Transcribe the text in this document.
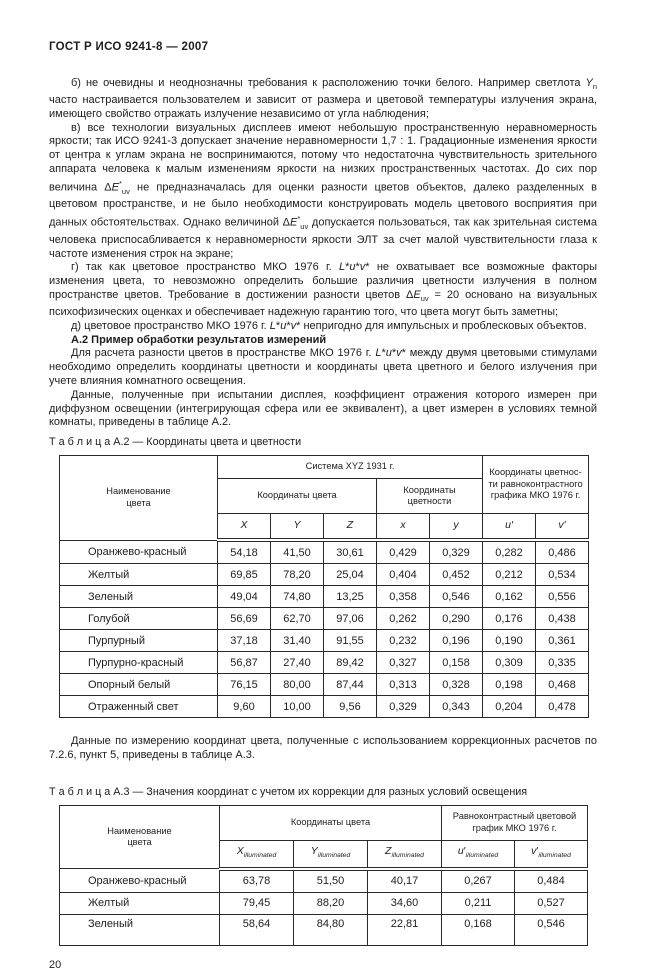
ГОСТ Р ИСО 9241-8 — 2007

б) не очевидны и неоднозначны требования к расположению точки белого. Например светлота $Y_n$ часто настраивается пользователем и зависит от размера и цветовой температуры излучения экрана, имеющего свойство отражать излучение независимо от угла наблюдения;

в) все технологии визуальных дисплеев имеют небольшую пространственную неравномерность яркости; так ИСО 9241-3 допускает значение неравномерности 1,7 : 1. Градационные изменения яркости от центра к углам экрана не воспринимаются, потому что недостаточна чувствительность зрительного аппарата человека к малым изменениям яркости на низких пространственных частотах. До сих пор величина $\Delta E^*_{uv}$ не предназначалась для оценки разности цветов объектов, далеко разделенных в цветовом пространстве, и не было необходимости конструировать модель цветового восприятия при данных обстоятельствах. Однако величиной $\Delta E^*_{uv}$ допускается пользоваться, так как зрительная система человека приспосабливается к неравномерности яркости ЭЛТ за счет малой чувствительности глаза к частоте изменения строк на экране;

г) так как цветовое пространство МКО 1976 г. L*u*v* не охватывает все возможные факторы изменения цвета, то невозможно определить большие различия цветности излучения в полном пространстве цветов. Требование в достижении разности цветов $\Delta E_{uv} = 20$ основано на визуальных психофизических оценках и обеспечивает надежную гарантию того, что цвета могут быть заметны;

д) цветовое пространство МКО 1976 г. L*u*v* непригодно для импульсных и проблесковых объектов.

А.2 Пример обработки результатов измерений

Для расчета разности цветов в пространстве МКО 1976 г. L*u*v* между двумя цветовыми стимулами необходимо определить координаты цветности и координаты цвета цветного и белого излучения при учете влияния комнатного освещения.

Данные, полученные при испытании дисплея, коэффициент отражения которого измерен при диффузном освещении (интегрирующая сфера или ее эквивалент), а цвет измерен в условиях темной комнаты, приведены в таблице А.2.

Т а б л и ц а А.2 — Координаты цвета и цветности

Наименование
цвета	Система XYZ 1931 г.					Координаты цветнос-
ти равноконтрастного
графика МКО 1976 г.	
	Координаты цвета			Координаты
цветности			
	X	Y	Z	x	y	u′	v′
Оранжево-красный	54,18	41,50	30,61	0,429	0,329	0,282	0,486
Желтый	69,85	78,20	25,04	0,404	0,452	0,212	0,534
Зеленый	49,04	74,80	13,25	0,358	0,546	0,162	0,556
Голубой	56,69	62,70	97,06	0,262	0,290	0,176	0,438
Пурпурный	37,18	31,40	91,55	0,232	0,196	0,190	0,361
Пурпурно-красный	56,87	27,40	89,42	0,327	0,158	0,309	0,335
Опорный белый	76,15	80,00	87,44	0,313	0,328	0,198	0,468
Отраженный свет	9,60	10,00	9,56	0,329	0,343	0,204	0,478

Данные по измерению координат цвета, полученные с использованием коррекционных расчетов по 7.2.6, пункт 5, приведены в таблице А.3.

Т а б л и ц а А.3 — Значения координат с учетом их коррекции для разных условий освещения

Наименование
цвета	Координаты цвета			Равноконтрастный цветовой
график МКО 1976 г.	
	$X_{illuminated}$	$Y_{illuminated}$	$Z_{illuminated}$	$u'_{illuminated}$	$v'_{illuminated}$
Оранжево-красный	63,78	51,50	40,17	0,267	0,484
Желтый	79,45	88,20	34,60	0,211	0,527
Зеленый	58,64	84,80	22,81	0,168	0,546
20
